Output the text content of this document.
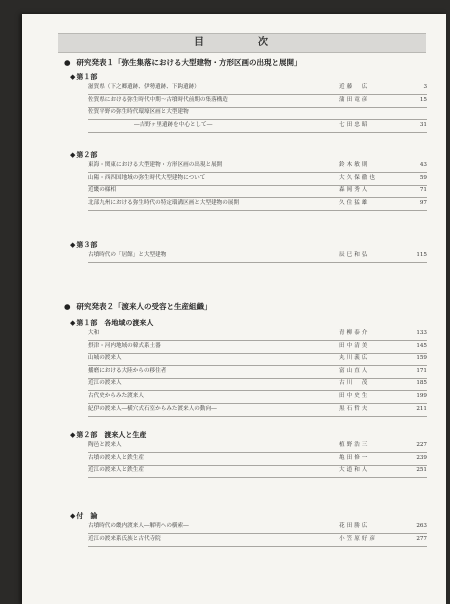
目　次
● 研究発表１「弥生集落における大型建物・方形区画の出現と展開」
◆第１部
滋賀県（下之郷遺跡、伊勢遺跡、下鈎遺跡）	近藤　広	3
佐賀県における弥生時代中期～古墳時代前期の集落構造	蒲田竜彦	15
佐賀平野の弥生時代環壕区画と大型建物
―吉野ヶ里遺跡を中心として―	七田忠昭	31
◆第２部
東海・関東における大型建物・方形区画の出現と展開	鈴木敏則	43
山陽・西四国地域の弥生時代大型建物について	大久保徹也	59
近畿の様相	森岡秀人	71
北部九州における弥生時代の特定環溝区画と大型建物の展開	久住猛雄	97
◆第３部
古墳時代の「居館」と大型建物	辰巳和弘	115
● 研究発表２「渡来人の受容と生産組織」
◆第１部　各地域の渡来人
大和	青柳泰介	133
摂津・河内地域の韓式系土器	田中清美	145
山城の渡来人	丸川義広	159
播磨における大陸からの移住者	富山直人	171
近江の渡来人	古川　茂	185
古代史からみた渡来人	田中史生	199
紀伊の渡来人―横穴式石室からみた渡来人の動向―	黒石哲夫	211
◆第２部　渡来人と生産
陶邑と渡来人	植野浩三	227
古墳の渡来人と鉄生産	亀田修一	239
近江の渡来人と鉄生産	大道和人	251
◆付　論
古墳時代の畿内渡来人―解明への横索―	花田勝広	263
近江の渡来系氏族と古代寺院	小笠原好彦	277
